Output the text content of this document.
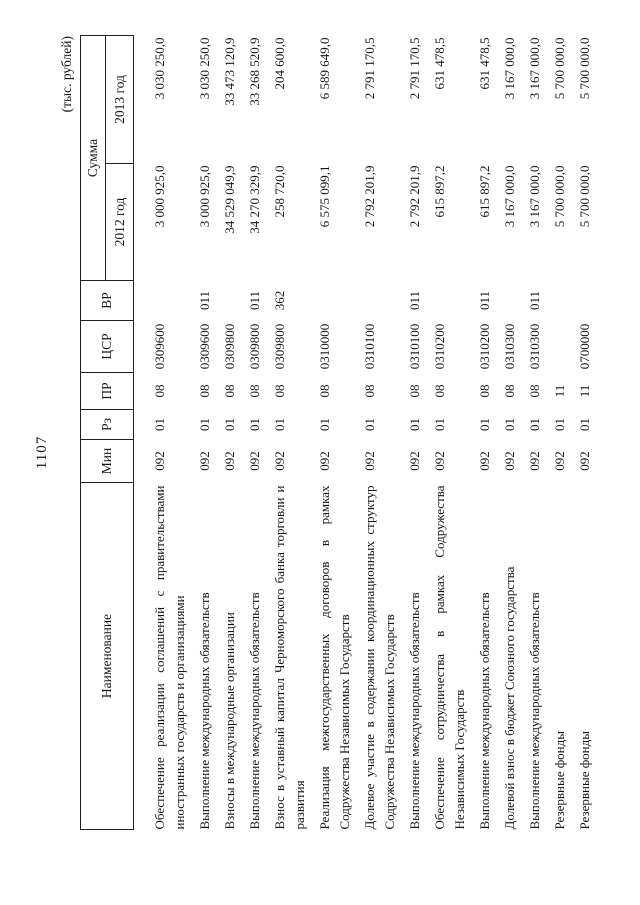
1107
(тыс. рублей)
Наименование	Мин	Рз	ПР	ЦСР	ВР	Сумма	
						2012 год	2013 год
Обеспечение реализации соглашений с правительствами иностранных государств и организациями	092	01	08	0309600		3 000 925,0	3 030 250,0
Выполнение международных обязательств	092	01	08	0309600	011	3 000 925,0	3 030 250,0
Взносы в международные организации	092	01	08	0309800		34 529 049,9	33 473 120,9
Выполнение международных обязательств	092	01	08	0309800	011	34 270 329,9	33 268 520,9
Взнос в уставный капитал Черноморского банка торговли и развития	092	01	08	0309800	362	258 720,0	204 600,0
Реализация межгосударственных договоров в рамках Содружества Независимых Государств	092	01	08	0310000		6 575 099,1	6 589 649,0
Долевое участие в содержании координационных структур Содружества Независимых Государств	092	01	08	0310100		2 792 201,9	2 791 170,5
Выполнение международных обязательств	092	01	08	0310100	011	2 792 201,9	2 791 170,5
Обеспечение сотрудничества в рамках Содружества Независимых Государств	092	01	08	0310200		615 897,2	631 478,5
Выполнение международных обязательств	092	01	08	0310200	011	615 897,2	631 478,5
Долевой взнос в бюджет Союзного государства	092	01	08	0310300		3 167 000,0	3 167 000,0
Выполнение международных обязательств	092	01	08	0310300	011	3 167 000,0	3 167 000,0
Резервные фонды	092	01	11			5 700 000,0	5 700 000,0
Резервные фонды	092	01	11	0700000		5 700 000,0	5 700 000,0
